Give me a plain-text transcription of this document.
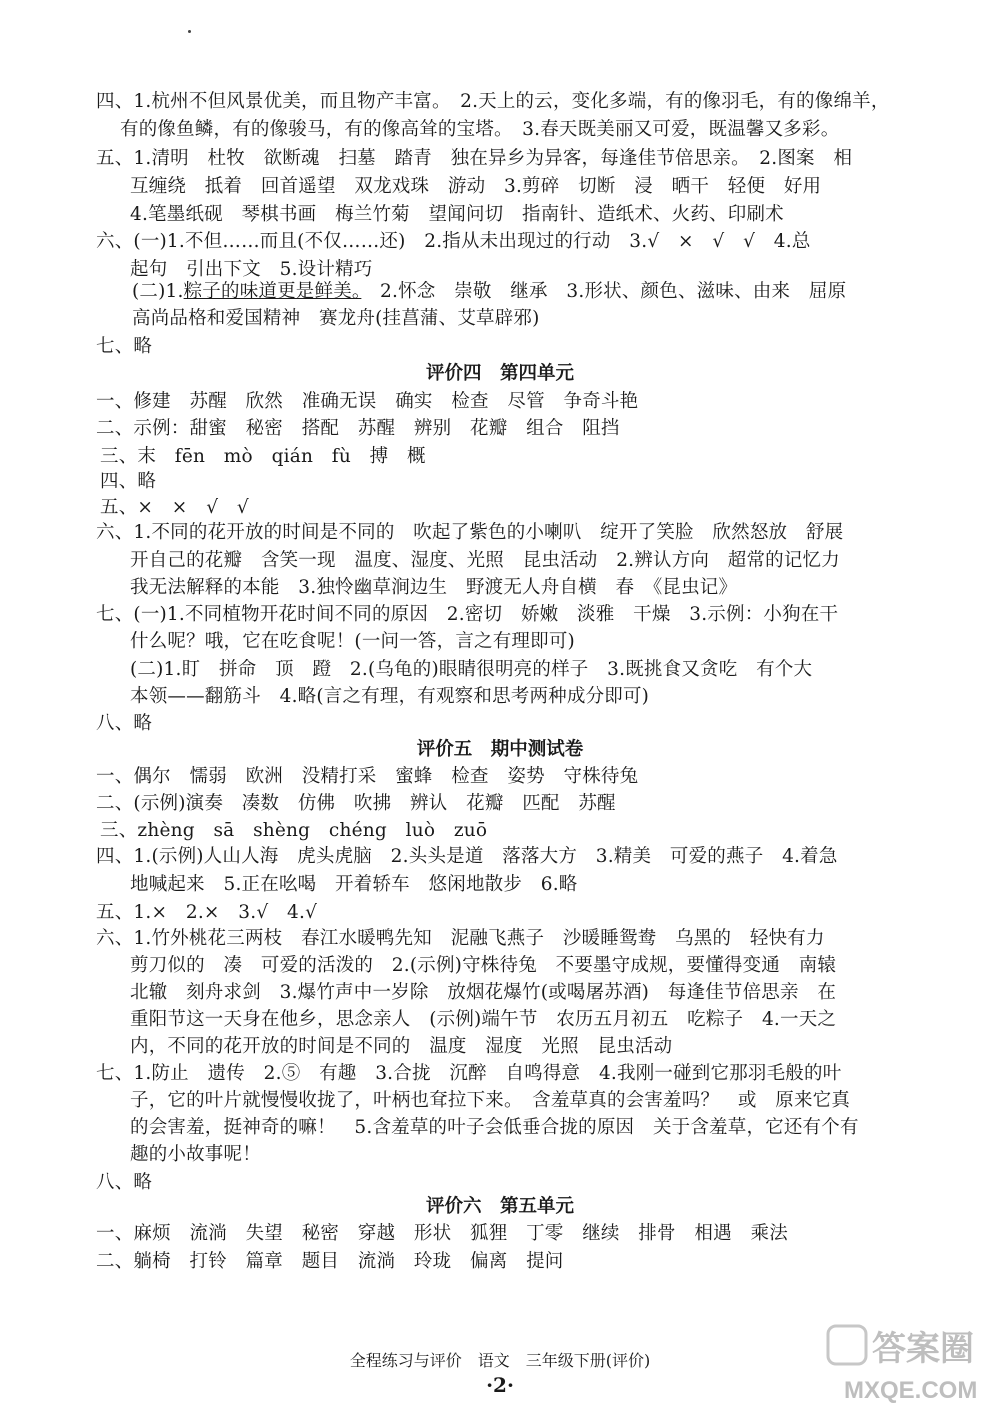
四、1.杭州不但风景优美，而且物产丰富。　2.天上的云，变化多端，有的像羽毛，有的像绵羊，
有的像鱼鳞，有的像骏马，有的像高耸的宝塔。　3.春天既美丽又可爱，既温馨又多彩。
五、1.清明　杜牧　欲断魂　扫墓　踏青　独在异乡为异客，每逢佳节倍思亲。　2.图案　相
互缠绕　抵着　回首遥望　双龙戏珠　游动　3.剪碎　切断　浸　晒干　轻便　好用
4.笔墨纸砚　琴棋书画　梅兰竹菊　望闻问切　指南针、造纸术、火药、印刷术
六、(一)1.不但……而且(不仅……还)　2.指从未出现过的行动　3.√　×　√　√　4.总
起句　引出下文　5.设计精巧
高尚品格和爱国精神　赛龙舟(挂菖蒲、艾草辟邪)
七、略
一、修建　苏醒　欣然　准确无误　确实　检查　尽管　争奇斗艳
二、示例：甜蜜　秘密　搭配　苏醒　辨别　花瓣　组合　阻挡
三、末　fēn　mò　qián　fù　搏　概
四、略
五、×　×　√　√
六、1.不同的花开放的时间是不同的　吹起了紫色的小喇叭　绽开了笑脸　欣然怒放　舒展
开自己的花瓣　含笑一现　温度、湿度、光照　昆虫活动　2.辨认方向　超常的记忆力
我无法解释的本能　3.独怜幽草涧边生　野渡无人舟自横　春　《昆虫记》
七、(一)1.不同植物开花时间不同的原因　2.密切　娇嫩　淡雅　干燥　3.示例：小狗在干
什么呢？哦，它在吃食呢！(一问一答，言之有理即可)
(二)1.盯　拼命　顶　蹬　2.(乌龟的)眼睛很明亮的样子　3.既挑食又贪吃　有个大
本领——翻筋斗　4.略(言之有理，有观察和思考两种成分即可)
八、略
一、偶尔　懦弱　欧洲　没精打采　蜜蜂　检查　姿势　守株待兔
二、(示例)演奏　凑数　仿佛　吹拂　辨认　花瓣　匹配　苏醒
三、zhèng　sā　shèng　chéng　luò　zuō
四、1.(示例)人山人海　虎头虎脑　2.头头是道　落落大方　3.精美　可爱的燕子　4.着急
地喊起来　5.正在吆喝　开着轿车　悠闲地散步　6.略
五、1.×　2.×　3.√　4.√
六、1.竹外桃花三两枝　春江水暖鸭先知　泥融飞燕子　沙暖睡鸳鸯　乌黑的　轻快有力
剪刀似的　凑　可爱的活泼的　2.(示例)守株待兔　不要墨守成规，要懂得变通　南辕
北辙　刻舟求剑　3.爆竹声中一岁除　放烟花爆竹(或喝屠苏酒)　每逢佳节倍思亲　在
重阳节这一天身在他乡，思念亲人　(示例)端午节　农历五月初五　吃粽子　4.一天之
内，不同的花开放的时间是不同的　温度　湿度　光照　昆虫活动
七、1.防止　遗传　2.⑤　有趣　3.合拢　沉醉　自鸣得意　4.我刚一碰到它那羽毛般的叶
子，它的叶片就慢慢收拢了，叶柄也耷拉下来。　含羞草真的会害羞吗？　或　原来它真
的会害羞，挺神奇的嘛！　5.含羞草的叶子会低垂合拢的原因　关于含羞草，它还有个有
趣的小故事呢！
八、略
一、麻烦　流淌　失望　秘密　穿越　形状　狐狸　丁零　继续　排骨　相遇　乘法
二、躺椅　打铃　篇章　题目　流淌　玲珑　偏离　提问
(二)1.粽子的味道更是鲜美。　2.怀念　崇敬　继承　3.形状、颜色、滋味、由来　屈原
评价四　第四单元
评价五　期中测试卷
评价六　第五单元
全程练习与评价　语文　三年级下册(评价)
·2·
答案圈
MXQE.COM
